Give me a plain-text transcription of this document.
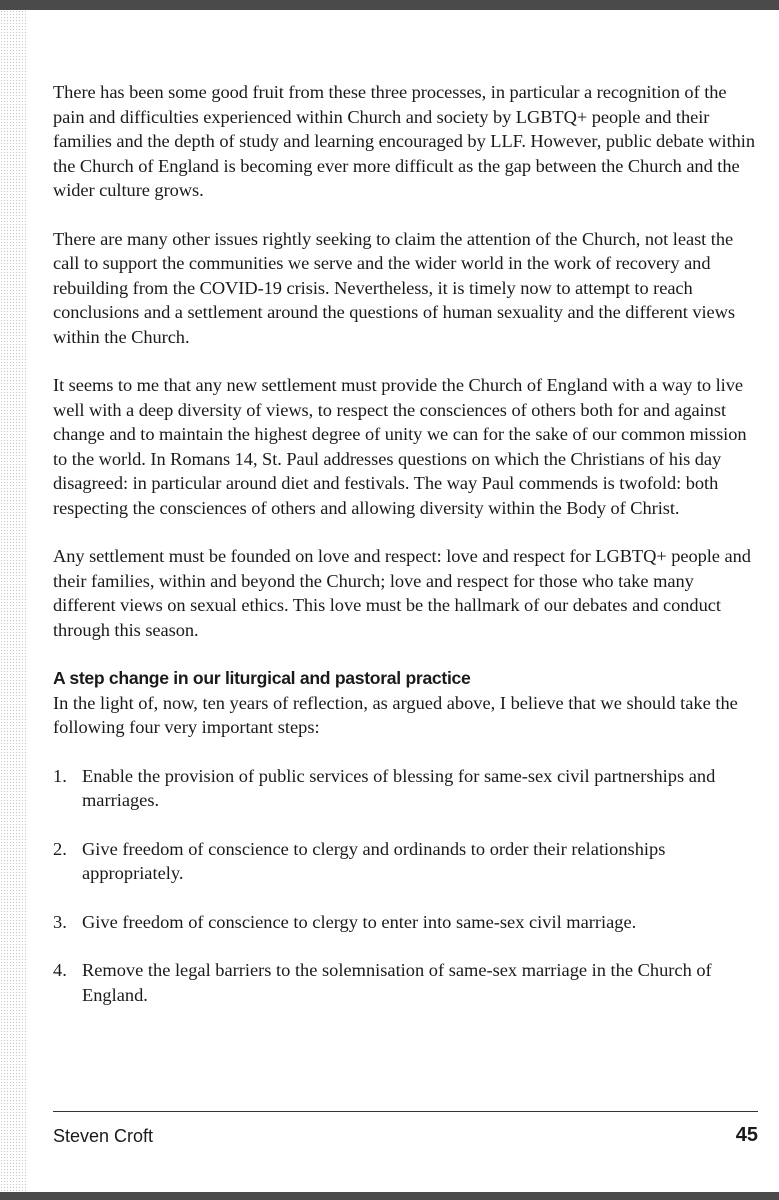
There has been some good fruit from these three processes, in particular a recognition of the pain and difficulties experienced within Church and society by LGBTQ+ people and their families and the depth of study and learning encouraged by LLF. However, public debate within the Church of England is becoming ever more difficult as the gap between the Church and the wider culture grows.

There are many other issues rightly seeking to claim the attention of the Church, not least the call to support the communities we serve and the wider world in the work of recovery and rebuilding from the COVID-19 crisis. Nevertheless, it is timely now to attempt to reach conclusions and a settlement around the questions of human sexuality and the different views within the Church.

It seems to me that any new settlement must provide the Church of England with a way to live well with a deep diversity of views, to respect the consciences of others both for and against change and to maintain the highest degree of unity we can for the sake of our common mission to the world. In Romans 14, St. Paul addresses questions on which the Christians of his day disagreed: in particular around diet and festivals. The way Paul commends is twofold: both respecting the consciences of others and allowing diversity within the Body of Christ.

Any settlement must be founded on love and respect: love and respect for LGBTQ+ people and their families, within and beyond the Church; love and respect for those who take many different views on sexual ethics. This love must be the hallmark of our debates and conduct through this season.

A step change in our liturgical and pastoral practice

In the light of, now, ten years of reflection, as argued above, I believe that we should take the following four very important steps:

1. Enable the provision of public services of blessing for same-sex civil partnerships and marriages.
2. Give freedom of conscience to clergy and ordinands to order their relationships appropriately.
3. Give freedom of conscience to clergy to enter into same-sex civil marriage.
4. Remove the legal barriers to the solemnisation of same-sex marriage in the Church of England.
Steven Croft	45
